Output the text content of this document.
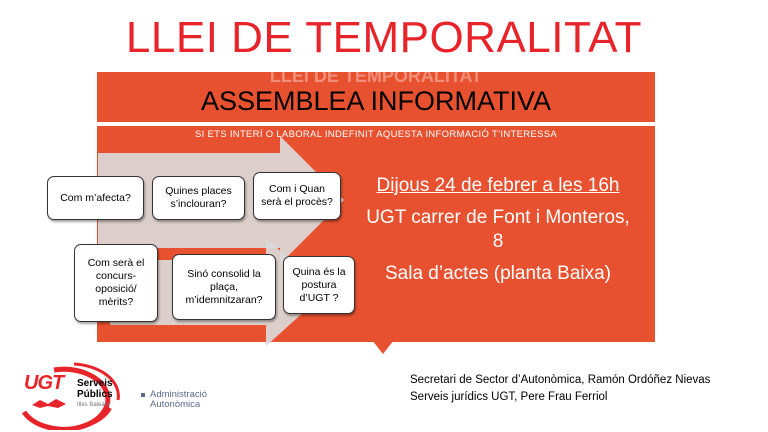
LLEI DE TEMPORALITAT
LLEI DE TEMPORALITAT
ASSEMBLEA INFORMATIVA
SI ETS INTERÍ O LABORAL INDEFINIT AQUESTA INFORMACIÓ T’INTERESSA
Com m’afecta?
Quines places s’inclouran?
Com i Quan serà el procès?
Com serà el concurs-oposició/ mèrits?
Sinó consolid la plaça, m’idemnitzaran?
Quina és la postura d’UGT ?
Dijous 24 de febrer a les 16h
UGT carrer de Font i Monteros, 8
Sala d’actes (planta Baixa)
Secretari de Sector d’Autonòmica, Ramón Ordóñez Nievas
Serveis jurídics UGT, Pere Frau Ferriol
UGT Serveis
Públics
Illes Balears
Administració
Autonòmica
